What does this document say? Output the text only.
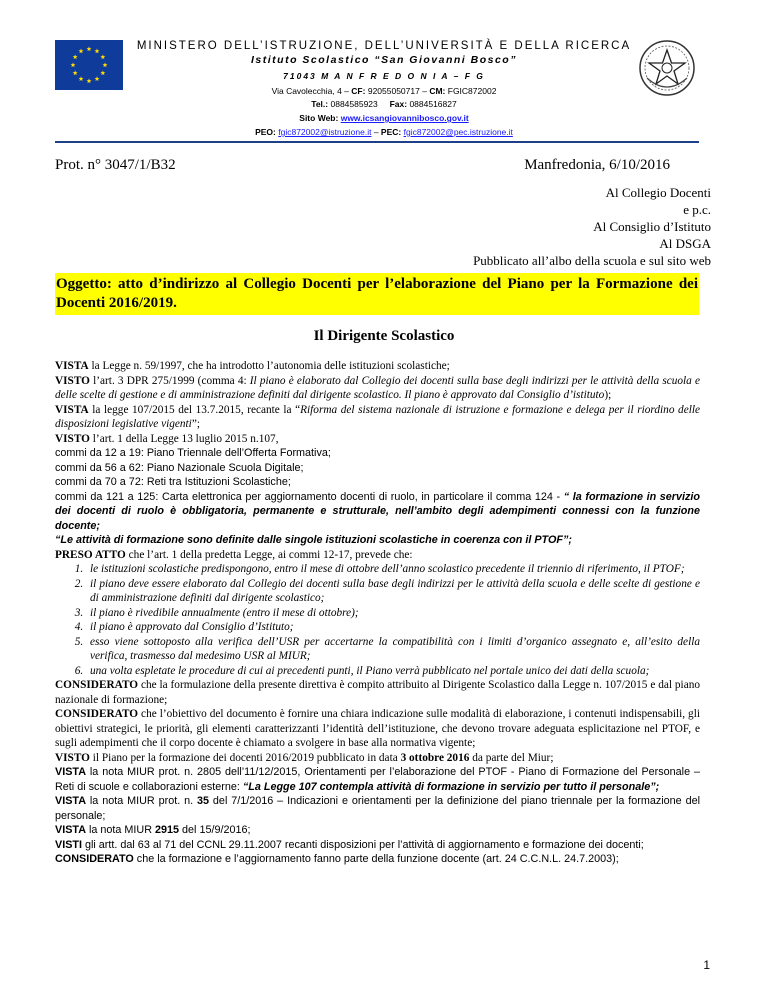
MINISTERO DELL’ISTRUZIONE, DELL’UNIVERSITÀ E DELLA RICERCA
Istituto Scolastico “San Giovanni Bosco”
71043 M A N F R E D O N I A – F G
Via Cavolecchia, 4 – CF: 92055050717 – CM: FGIC872002
Tel.: 0884585923 Fax: 0884516827
Sito Web: www.icsangiovannibosco.gov.it
PEO: fgic872002@istruzione.it – PEC: fgic872002@pec.istruzione.it
Prot. n° 3047/1/B32	Manfredonia, 6/10/2016
Al Collegio Docenti
e p.c.
Al Consiglio d’Istituto
Al DSGA
Pubblicato all’albo della scuola e sul sito web
Oggetto: atto d’indirizzo al Collegio Docenti per l’elaborazione del Piano per la Formazione dei Docenti 2016/2019.
Il Dirigente Scolastico

VISTA la Legge n. 59/1997, che ha introdotto l’autonomia delle istituzioni scolastiche;

VISTO l’art. 3 DPR 275/1999 (comma 4: Il piano è elaborato dal Collegio dei docenti sulla base degli indirizzi per le attività della scuola e delle scelte di gestione e di amministrazione definiti dal dirigente scolastico. Il piano è approvato dal Consiglio d’istituto);

VISTA la legge 107/2015 del 13.7.2015, recante la “Riforma del sistema nazionale di istruzione e formazione e delega per il riordino delle disposizioni legislative vigenti”;

VISTO l’art. 1 della Legge 13 luglio 2015 n.107,

commi da 12 a 19: Piano Triennale dell’Offerta Formativa;

commi da 56 a 62: Piano Nazionale Scuola Digitale;

commi da 70 a 72: Reti tra Istituzioni Scolastiche;

commi da 121 a 125: Carta elettronica per aggiornamento docenti di ruolo, in particolare il comma 124 - “ la formazione in servizio dei docenti di ruolo è obbligatoria, permanente e strutturale, nell’ambito degli adempimenti connessi con la funzione docente;

“Le attività di formazione sono definite dalle singole istituzioni scolastiche in coerenza con il PTOF”;

PRESO ATTO che l’art. 1 della predetta Legge, ai commi 12-17, prevede che:

1. le istituzioni scolastiche predispongono, entro il mese di ottobre dell’anno scolastico precedente il triennio di riferimento, il PTOF;
2. il piano deve essere elaborato dal Collegio dei docenti sulla base degli indirizzi per le attività della scuola e delle scelte di gestione e di amministrazione definiti dal dirigente scolastico;
3. il piano è rivedibile annualmente (entro il mese di ottobre);
4. il piano è approvato dal Consiglio d’Istituto;
5. esso viene sottoposto alla verifica dell’USR per accertarne la compatibilità con i limiti d’organico assegnato e, all’esito della verifica, trasmesso dal medesimo USR al MIUR;
6. una volta espletate le procedure di cui ai precedenti punti, il Piano verrà pubblicato nel portale unico dei dati della scuola;

CONSIDERATO che la formulazione della presente direttiva è compito attribuito al Dirigente Scolastico dalla Legge n. 107/2015 e dal piano nazionale di formazione;

CONSIDERATO che l’obiettivo del documento è fornire una chiara indicazione sulle modalità di elaborazione, i contenuti indispensabili, gli obiettivi strategici, le priorità, gli elementi caratterizzanti l’identità dell’istituzione, che devono trovare adeguata esplicitazione nel PTOF, e sugli adempimenti che il corpo docente è chiamato a svolgere in base alla normativa vigente;

VISTO il Piano per la formazione dei docenti 2016/2019 pubblicato in data 3 ottobre 2016 da parte del Miur;

VISTA la nota MIUR prot. n. 2805 dell’11/12/2015, Orientamenti per l’elaborazione del PTOF - Piano di Formazione del Personale – Reti di scuole e collaborazioni esterne: “La Legge 107 contempla attività di formazione in servizio per tutto il personale”;

VISTA la nota MIUR prot. n. 35 del 7/1/2016 – Indicazioni e orientamenti per la definizione del piano triennale per la formazione del personale;

VISTA la nota MIUR 2915 del 15/9/2016;

VISTI gli artt. dal 63 al 71 del CCNL 29.11.2007 recanti disposizioni per l’attività di aggiornamento e formazione dei docenti;

CONSIDERATO che la formazione e l’aggiornamento fanno parte della funzione docente (art. 24 C.C.N.L. 24.7.2003);

1
